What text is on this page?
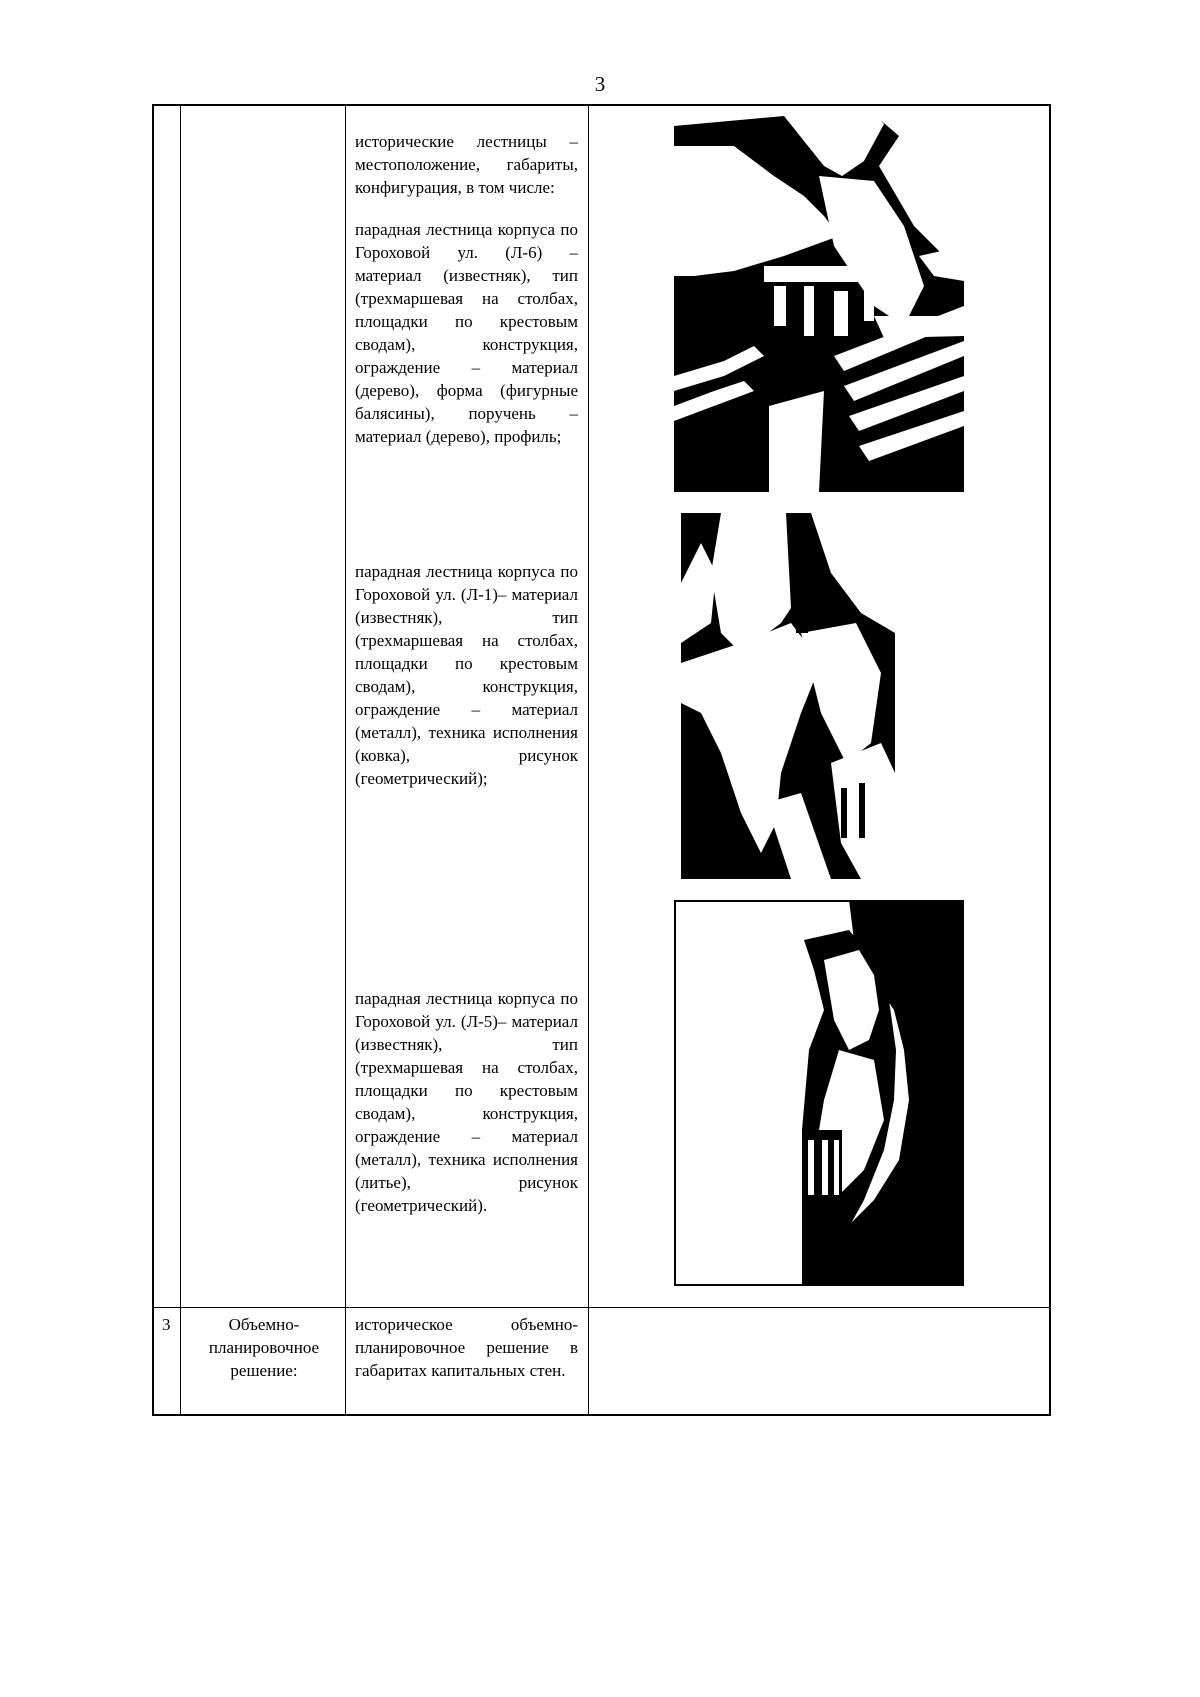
3
исторические лестницы – местоположение, габариты, конфигурация, в том числе:
парадная лестница корпуса по Гороховой ул. (Л-6) – материал (известняк), тип (трехмаршевая на столбах, площадки по крестовым сводам), конструкция, ограждение – материал (дерево), форма (фигурные балясины), поручень – материал (дерево), профиль;
парадная лестница корпуса по Гороховой ул. (Л-1)– материал (известняк), тип (трехмаршевая на столбах, площадки по крестовым сводам), конструкция, ограждение – материал (металл), техника исполнения (ковка), рисунок (геометрический);
парадная лестница корпуса по Гороховой ул. (Л-5)– материал (известняк), тип (трехмаршевая на столбах, площадки по крестовым сводам), конструкция, ограждение – материал (металл), техника исполнения (литье), рисунок (геометрический).
3	Объемно-планировочное решение:
историческое объемно-планировочное решение в габаритах капитальных стен.
